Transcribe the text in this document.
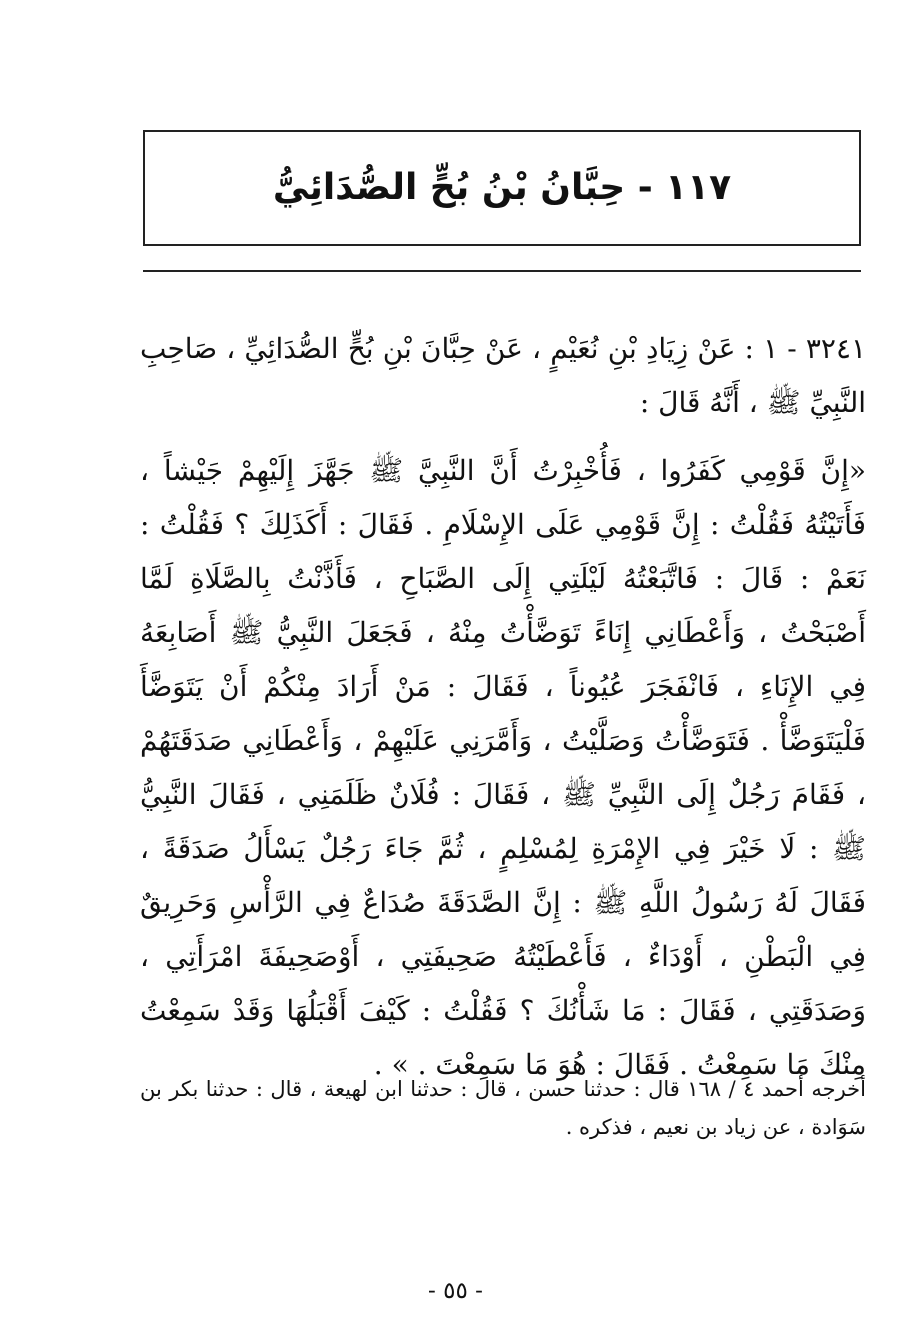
١١٧ - حِبَّانُ بْنُ بُحٍّ الصُّدَائِيُّ

٣٢٤١ - ١ : عَنْ زِيَادِ بْنِ نُعَيْمٍ ، عَنْ حِبَّانَ بْنِ بُحٍّ الصُّدَائِيِّ ، صَاحِبِ النَّبِيِّ ﷺ ، أَنَّهُ قَالَ :

«إِنَّ قَوْمِي كَفَرُوا ، فَأُخْبِرْتُ أَنَّ النَّبِيَّ ﷺ جَهَّزَ إِلَيْهِمْ جَيْشاً ، فَأَتَيْتُهُ فَقُلْتُ : إِنَّ قَوْمِي عَلَى الإِسْلَامِ . فَقَالَ : أَكَذَلِكَ ؟ فَقُلْتُ : نَعَمْ : قَالَ : فَاتَّبَعْتُهُ لَيْلَتِي إِلَى الصَّبَاحِ ، فَأَذَّنْتُ بِالصَّلَاةِ لَمَّا أَصْبَحْتُ ، وَأَعْطَانِي إِنَاءً تَوَضَّأْتُ مِنْهُ ، فَجَعَلَ النَّبِيُّ ﷺ أَصَابِعَهُ فِي الإِنَاءِ ، فَانْفَجَرَ عُيُوناً ، فَقَالَ : مَنْ أَرَادَ مِنْكُمْ أَنْ يَتَوَضَّأَ فَلْيَتَوَضَّأْ . فَتَوَضَّأْتُ وَصَلَّيْتُ ، وَأَمَّرَنِي عَلَيْهِمْ ، وَأَعْطَانِي صَدَقَتَهُمْ ، فَقَامَ رَجُلٌ إِلَى النَّبِيِّ ﷺ ، فَقَالَ : فُلَانٌ ظَلَمَنِي ، فَقَالَ النَّبِيُّ ﷺ : لَا خَيْرَ فِي الإِمْرَةِ لِمُسْلِمٍ ، ثُمَّ جَاءَ رَجُلٌ يَسْأَلُ صَدَقَةً ، فَقَالَ لَهُ رَسُولُ اللَّهِ ﷺ : إِنَّ الصَّدَقَةَ صُدَاعٌ فِي الرَّأْسِ وَحَرِيقٌ فِي الْبَطْنِ ، أَوْدَاءٌ ، فَأَعْطَيْتُهُ صَحِيفَتِي ، أَوْصَحِيفَةَ امْرَأَتِي ، وَصَدَقَتِي ، فَقَالَ : مَا شَأْنُكَ ؟ فَقُلْتُ : كَيْفَ أَقْبَلُهَا وَقَدْ سَمِعْتُ مِنْكَ مَا سَمِعْتُ . فَقَالَ : هُوَ مَا سَمِعْتَ . » .

أخرجه أحمد ٤ / ١٦٨ قال : حدثنا حسن ، قال : حدثنا ابن لهيعة ، قال : حدثنا بكر بن سَوَادة ، عن زياد بن نعيم ، فذكره .
- ٥٥ -
